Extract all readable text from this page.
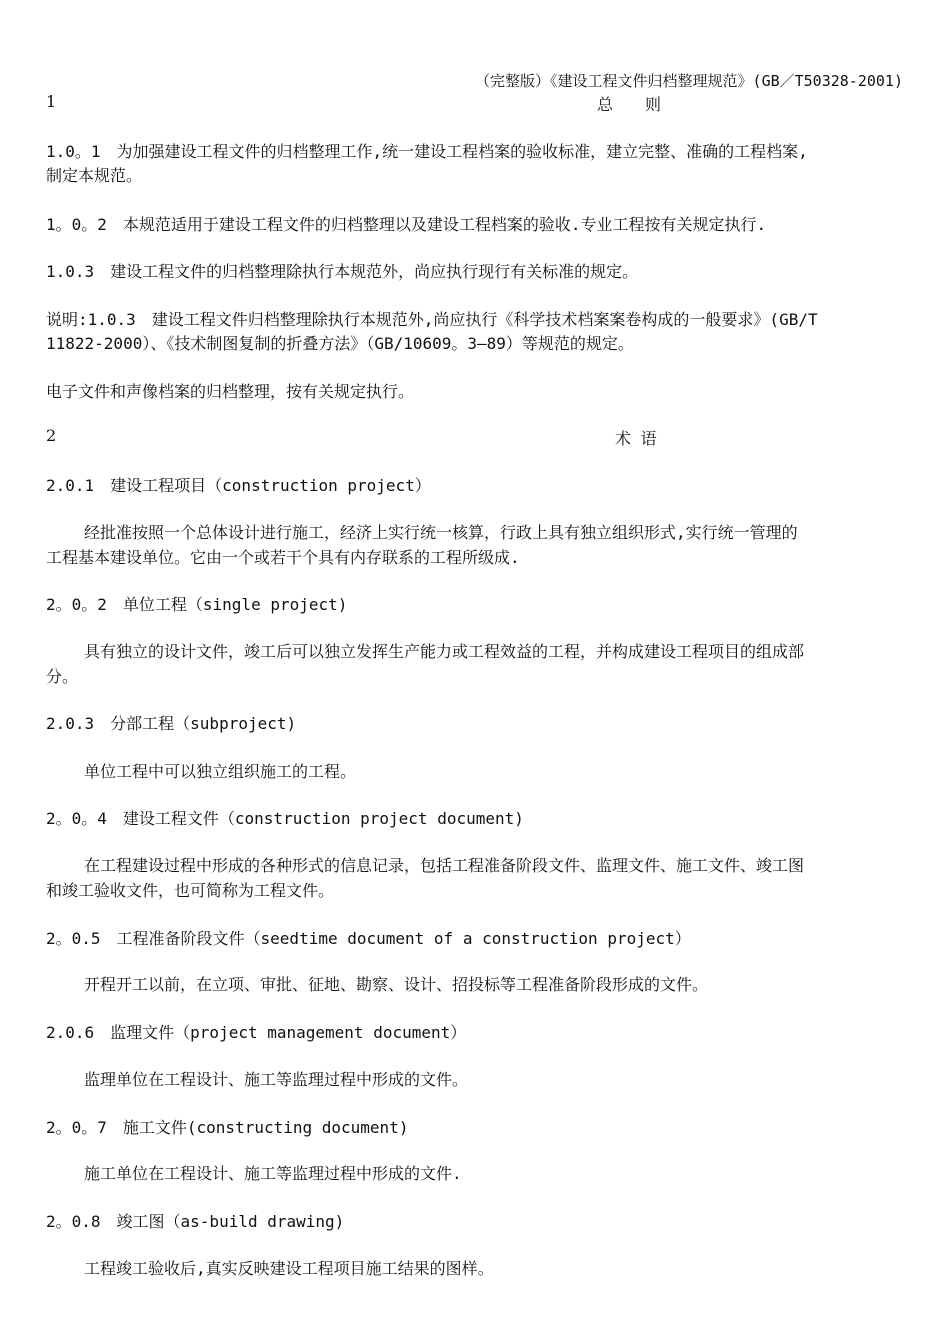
（完整版）《建设工程文件归档整理规范》(GB／T50328-2001)
1	总　　则
1.0。1　为加强建设工程文件的归档整理工作,统一建设工程档案的验收标准，建立完整、准确的工程档案,
制定本规范。
1。0。2　本规范适用于建设工程文件的归档整理以及建设工程档案的验收.专业工程按有关规定执行.
1.0.3　建设工程文件的归档整理除执行本规范外，尚应执行现行有关标准的规定。
说明:1.0.3　建设工程文件归档整理除执行本规范外,尚应执行《科学技术档案案卷构成的一般要求》(GB/T
11822-2000）、《技术制图复制的折叠方法》（GB/10609。3—89）等规范的规定。
电子文件和声像档案的归档整理，按有关规定执行。
2	术 语
2.0.1　建设工程项目（construction project）
经批准按照一个总体设计进行施工，经济上实行统一核算，行政上具有独立组织形式,实行统一管理的
工程基本建设单位。它由一个或若干个具有内存联系的工程所级成.
2。0。2　单位工程（single project)
具有独立的设计文件，竣工后可以独立发挥生产能力或工程效益的工程，并构成建设工程项目的组成部
分。
2.0.3　分部工程（subproject)
单位工程中可以独立组织施工的工程。
2。0。4　建设工程文件（construction project document)
在工程建设过程中形成的各种形式的信息记录，包括工程准备阶段文件、监理文件、施工文件、竣工图
和竣工验收文件，也可简称为工程文件。
2。0.5　工程准备阶段文件（seedtime document of a construction project）
开程开工以前，在立项、审批、征地、勘察、设计、招投标等工程准备阶段形成的文件。
2.0.6　监理文件（project management document）
监理单位在工程设计、施工等监理过程中形成的文件。
2。0。7　施工文件(constructing document)
施工单位在工程设计、施工等监理过程中形成的文件.
2。0.8　竣工图（as-build drawing)
工程竣工验收后,真实反映建设工程项目施工结果的图样。
